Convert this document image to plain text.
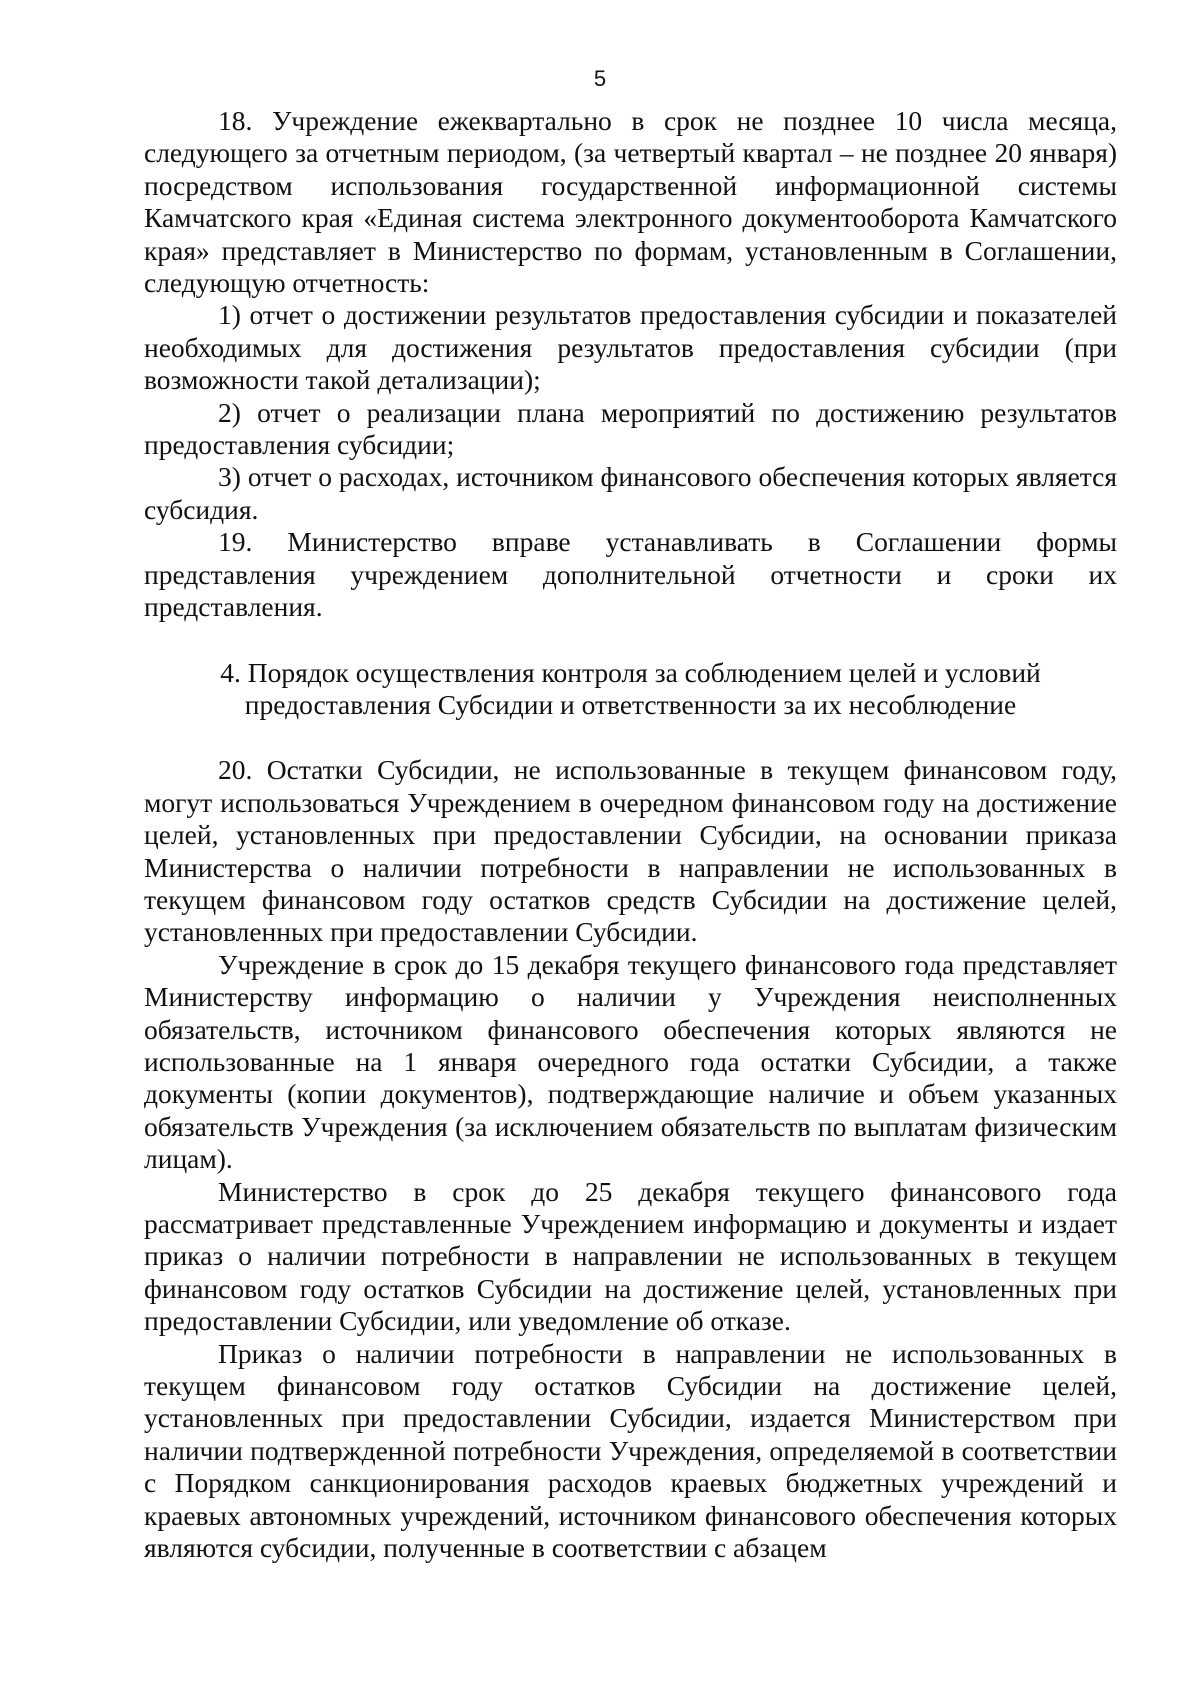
5

18. Учреждение ежеквартально в срок не позднее 10 числа месяца, следующего за отчетным периодом, (за четвертый квартал – не позднее 20 января) посредством использования государственной информационной системы Камчатского края «Единая система электронного документооборота Камчатского края» представляет в Министерство по формам, установленным в Соглашении, следующую отчетность:

1) отчет о достижении результатов предоставления субсидии и показателей необходимых для достижения результатов предоставления субсидии (при возможности такой детализации);

2) отчет о реализации плана мероприятий по достижению результатов предоставления субсидии;

3) отчет о расходах, источником финансового обеспечения которых является субсидия.

19. Министерство вправе устанавливать в Соглашении формы представления учреждением дополнительной отчетности и сроки их представления.

4. Порядок осуществления контроля за соблюдением целей и условий
предоставления Субсидии и ответственности за их несоблюдение

20. Остатки Субсидии, не использованные в текущем финансовом году, могут использоваться Учреждением в очередном финансовом году на достижение целей, установленных при предоставлении Субсидии, на основании приказа Министерства о наличии потребности в направлении не использованных в текущем финансовом году остатков средств Субсидии на достижение целей, установленных при предоставлении Субсидии.

Учреждение в срок до 15 декабря текущего финансового года представляет Министерству информацию о наличии у Учреждения неисполненных обязательств, источником финансового обеспечения которых являются не использованные на 1 января очередного года остатки Субсидии, а также документы (копии документов), подтверждающие наличие и объем указанных обязательств Учреждения (за исключением обязательств по выплатам физическим лицам).

Министерство в срок до 25 декабря текущего финансового года рассматривает представленные Учреждением информацию и документы и издает приказ о наличии потребности в направлении не использованных в текущем финансовом году остатков Субсидии на достижение целей, установленных при предоставлении Субсидии, или уведомление об отказе.

Приказ о наличии потребности в направлении не использованных в текущем финансовом году остатков Субсидии на достижение целей, установленных при предоставлении Субсидии, издается Министерством при наличии подтвержденной потребности Учреждения, определяемой в соответствии с Порядком санкционирования расходов краевых бюджетных учреждений и краевых автономных учреждений, источником финансового обеспечения которых являются субсидии, полученные в соответствии с абзацем
